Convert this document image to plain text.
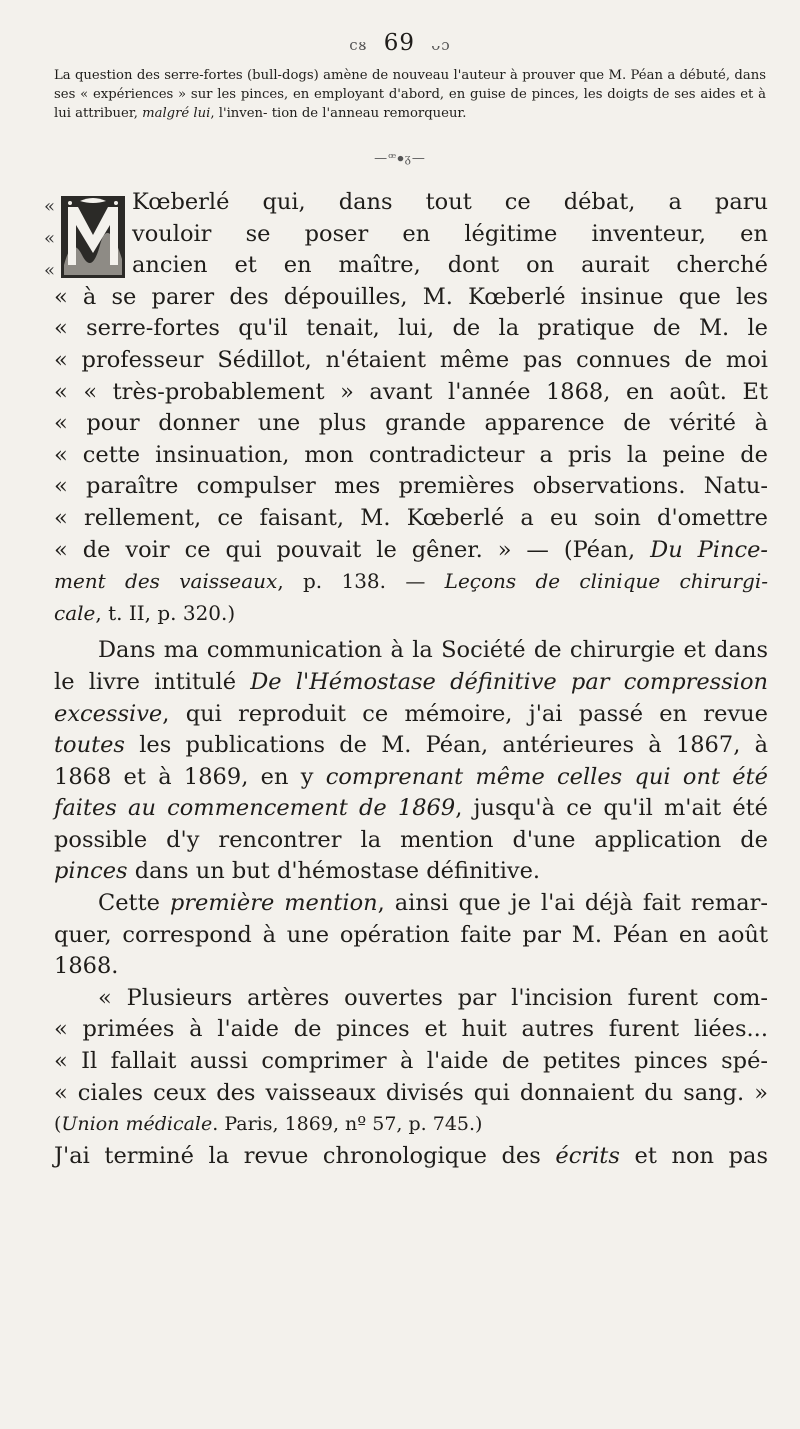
cᴕ 69 ᴗɔ
La question des serre-fortes (bull-dogs) amène de nouveau l'auteur à prouver que M. Péan a débuté, dans ses « expériences » sur les pinces, en employant d'abord, en guise de pinces, les doigts de ses aides et à lui attribuer, malgré lui, l'inven- tion de l'anneau remorqueur.
—ꟹ⦁ᵹ—
«
«
«
Kœberlé qui, dans tout ce débat, a paru
vouloir se poser en légitime inventeur, en
ancien et en maître, dont on aurait cherché
« à se parer des dépouilles, M. Kœberlé insinue que les
« serre-fortes qu'il tenait, lui, de la pratique de M. le
« professeur Sédillot, n'étaient même pas connues de moi
« « très-probablement » avant l'année 1868, en août. Et
« pour donner une plus grande apparence de vérité à
« cette insinuation, mon contradicteur a pris la peine de
« paraître compulser mes premières observations. Natu-
« rellement, ce faisant, M. Kœberlé a eu soin d'omettre
« de voir ce qui pouvait le gêner. » — (Péan, Du Pince-
ment des vaisseaux, p. 138. — Leçons de clinique chirurgi-
cale, t. II, p. 320.)
Dans ma communication à la Société de chirurgie et dans
le livre intitulé De l'Hémostase définitive par compression
excessive, qui reproduit ce mémoire, j'ai passé en revue
toutes les publications de M. Péan, antérieures à 1867, à
1868 et à 1869, en y comprenant même celles qui ont été
faites au commencement de 1869, jusqu'à ce qu'il m'ait été
possible d'y rencontrer la mention d'une application de
pinces dans un but d'hémostase définitive.
Cette première mention, ainsi que je l'ai déjà fait remar-
quer, correspond à une opération faite par M. Péan en août
1868.
« Plusieurs artères ouvertes par l'incision furent com-
« primées à l'aide de pinces et huit autres furent liées...
« Il fallait aussi comprimer à l'aide de petites pinces spé-
« ciales ceux des vaisseaux divisés qui donnaient du sang. »
(Union médicale. Paris, 1869, nº 57, p. 745.)
J'ai terminé la revue chronologique des écrits et non pas
